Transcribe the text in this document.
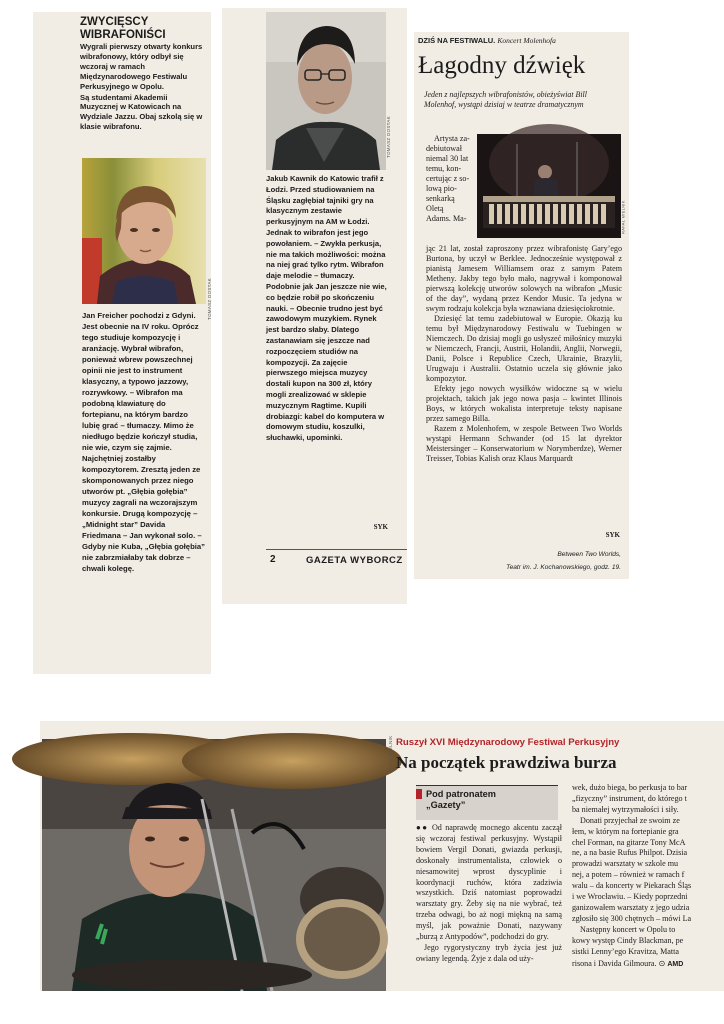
ZWYCIĘSCY WIBRAFONIŚCI

Wygrali pierwszy otwarty konkurs wibrafonowy, który odbył się wczoraj w ramach Międzynarodowego Festiwalu Perkusyjnego w Opolu.

Są studentami Akademii Muzycznej w Katowicach na Wydziale Jazzu. Obaj szkolą się w klasie wibrafonu.

TOMASZ DOSTAK
Jan Freicher pochodzi z Gdyni. Jest obecnie na IV roku. Oprócz tego studiuje kompozycję i aranżację. Wybrał wibrafon, ponieważ wbrew powszechnej opinii nie jest to instrument klasyczny, a typowo jazzowy, rozrywkowy. – Wibrafon ma podobną klawiaturę do fortepianu, na którym bardzo lubię grać – tłumaczy. Mimo że niedługo będzie kończył studia, nie wie, czym się zajmie. Najchętniej zostałby kompozytorem. Zresztą jeden ze skomponowanych przez niego utworów pt. „Głębia gołębia” muzycy zagrali na wczorajszym konkursie. Drugą kompozycję – „Midnight star” Davida Friedmana – Jan wykonał solo. – Gdyby nie Kuba, „Głębia gołębia” nie zabrzmiałaby tak dobrze – chwali kolegę.
TOMASZ DOSTAK
Jakub Kawnik do Katowic trafił z Łodzi. Przed studiowaniem na Śląsku zagłębiał tajniki gry na klasycznym zestawie perkusyjnym na AM w Łodzi. Jednak to wibrafon jest jego powołaniem. – Zwykła perkusja, nie ma takich możliwości: można na niej grać tylko rytm. Wibrafon daje melodie – tłumaczy. Podobnie jak Jan jeszcze nie wie, co będzie robił po skończeniu nauki. – Obecnie trudno jest być zawodowym muzykiem. Rynek jest bardzo słaby. Dlatego zastanawiam się jeszcze nad rozpoczęciem studiów na kompozycji. Za zajęcie pierwszego miejsca muzycy dostali kupon na 300 zł, który mogli zrealizować w sklepie muzycznym Ragtime. Kupili drobiazgi: kabel do komputera w domowym studiu, koszulki, słuchawki, upominki.
SYK
2	GAZETA WYBORCZ
DZIŚ NA FESTIWALU. Koncert Molenhofa
Łagodny dźwięk
Jeden z najlepszych wibrafonistów, obieżyświat Bill Molenhof, wystąpi dzisiaj w teatrze dramatycznym
RAFAŁ MIELNIK
Artysta za-
debiutował
niemal 30 lat
temu, kon-
certując z so-
lową pio-
senkarką
Oletą
Adams. Ma-

jąc 21 lat, został zaproszony przez wibrafonistę Gary’ego Burtona, by uczył w Berklee. Jednocześnie występował z pianistą Jamesem Williamsem oraz z samym Patem Metheny. Jakby tego było mało, nagrywał i komponował pierwszą kolekcję utworów solowych na wibrafon „Music of the day”, wydaną przez Kendor Music. Ta jedyna w swym rodzaju kolekcja była wznawiana dziesięciokrotnie.

Dziesięć lat temu zadebiutował w Europie. Okazją ku temu był Międzynarodowy Festiwalu w Tuebingen w Niemczech. Do dzisiaj mogli go usłyszeć miłośnicy muzyki w Niemczech, Francji, Austrii, Holandii, Anglii, Norwegii, Danii, Polsce i Republice Czech, Ukrainie, Brazylii, Urugwaju i Australii. Ostatnio uczela się głównie jako kompozytor.

Efekty jego nowych wysiłków widoczne są w wielu projektach, takich jak jego nowa pasja – kwintet Illinois Boys, w których wokalista interpretuje teksty napisane przez samego Billa.

Razem z Molenhofem, w zespole Between Two Worlds wystąpi Hermann Schwander (od 15 lat dyrektor Meistersinger – Konserwatorium w Norymberdze), Werner Treisser, Tobias Kalish oraz Klaus Marquardt

SYK
Between Two Worlds,
Teatr im. J. Kochanowskiego, godz. 19.
RAFAŁ MIELNIK Ruszył XVI Międzynarodowy Festiwal Perkusyjny
Na początek prawdziwa burza
Pod patronatem „Gazety”
●● Od naprawdę mocnego akcentu zaczął się wczoraj festiwal perkusyjny. Wystąpił bowiem Vergil Donati, gwiazda perkusji, doskonały instrumentalista, człowiek o niesamowitej wprost dyscyplinie i koordynacji ruchów, która zadziwia wszystkich. Dziś natomiast poprowadzi warsztaty gry. Żeby się na nie wybrać, też trzeba odwagi, bo aż nogi miękną na samą myśl, jak poważnie Donati, nazywany „burzą z Antypodów”, podchodzi do gry.
Jego rygorystyczny tryb życia jest już owiany legendą. Żyje z dala od uży-
wek, dużo biega, bo perkusja to bar
„fizyczny” instrument, do którego t
ba niemałej wytrzymałości i siły.
Donati przyjechał ze swoim ze
łem, w którym na fortepianie gra
chel Forman, na gitarze Tony McA
ne, a na basie Rufus Philpot. Dzisia
prowadzi warsztaty w szkole mu
nej, a potem – również w ramach f
walu – da koncerty w Piekarach Śląs
i we Wrocławiu. – Kiedy poprzedni
ganizowałem warsztaty z jego udzia
zgłosiło się 300 chętnych – mówi La
Następny koncert w Opolu to
kowy występ Cindy Blackman, pe
sistki Lenny’ego Kravitza, Matta
risona i Davida Gilmoura. ⊙ AMD
